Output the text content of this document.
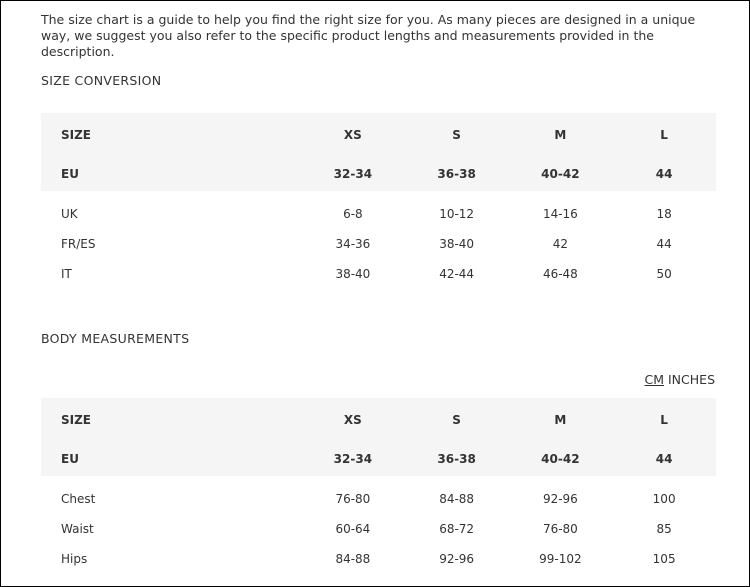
The size chart is a guide to help you find the right size for you. As many pieces are designed in a unique way, we suggest you also refer to the specific product lengths and measurements provided in the description.

SIZE CONVERSION
SIZE	XS	S	M	L
EU	32-34	36-38	40-42	44

UK	6-8	10-12	14-16	18
FR/ES	34-36	38-40	42	44
IT	38-40	42-44	46-48	50
BODY MEASUREMENTS
CM INCHES
SIZE	XS	S	M	L
EU	32-34	36-38	40-42	44

Chest	76-80	84-88	92-96	100
Waist	60-64	68-72	76-80	85
Hips	84-88	92-96	99-102	105
